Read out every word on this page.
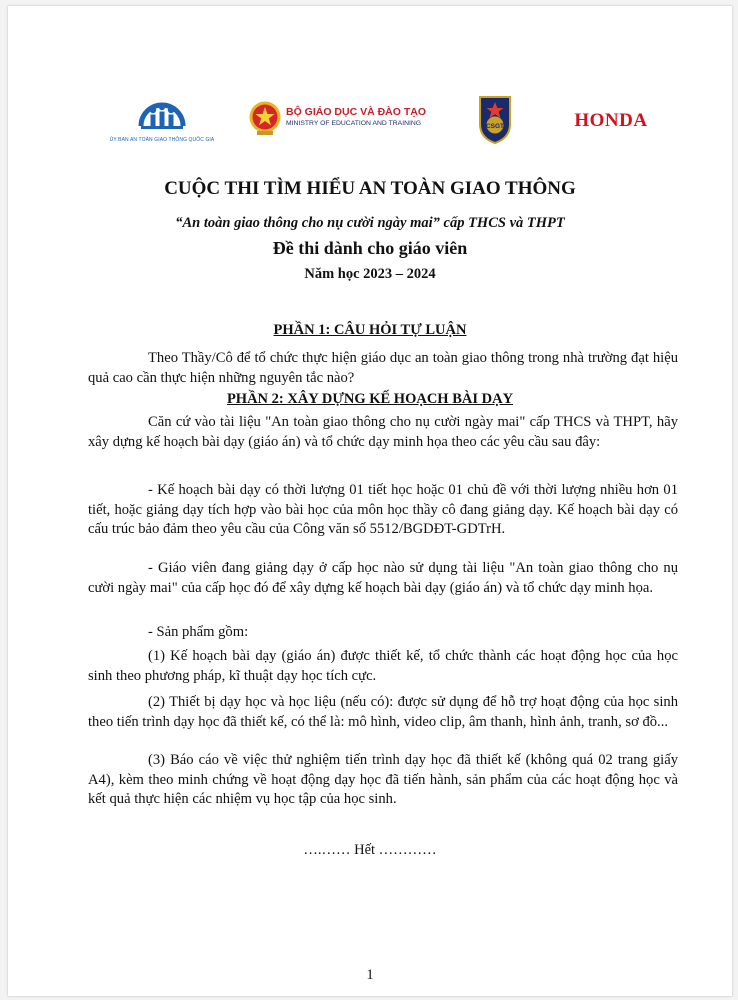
ỦY BAN AN TOÀN GIAO THÔNG QUỐC GIA
BỘ GIÁO DỤC VÀ ĐÀO TẠO
MINISTRY OF EDUCATION AND TRAINING	CSGT	HONDA
CUỘC THI TÌM HIỂU AN TOÀN GIAO THÔNG
“An toàn giao thông cho nụ cười ngày mai” cấp THCS và THPT
Đề thi dành cho giáo viên
Năm học 2023 – 2024
PHẦN 1: CÂU HỎI TỰ LUẬN

Theo Thầy/Cô để tổ chức thực hiện giáo dục an toàn giao thông trong nhà trường đạt hiệu quả cao cần thực hiện những nguyên tắc nào?

PHẦN 2: XÂY DỰNG KẾ HOẠCH BÀI DẠY

Căn cứ vào tài liệu "An toàn giao thông cho nụ cười ngày mai" cấp THCS và THPT, hãy xây dựng kế hoạch bài dạy (giáo án) và tổ chức dạy minh họa theo các yêu cầu sau đây:

- Kế hoạch bài dạy có thời lượng 01 tiết học hoặc 01 chủ đề với thời lượng nhiều hơn 01 tiết, hoặc giảng dạy tích hợp vào bài học của môn học thầy cô đang giảng dạy. Kế hoạch bài dạy có cấu trúc bảo đảm theo yêu cầu của Công văn số 5512/BGDĐT-GDTrH.

- Giáo viên đang giảng dạy ở cấp học nào sử dụng tài liệu "An toàn giao thông cho nụ cười ngày mai" của cấp học đó để xây dựng kế hoạch bài dạy (giáo án) và tổ chức dạy minh họa.

- Sản phẩm gồm:

(1) Kế hoạch bài dạy (giáo án) được thiết kế, tổ chức thành các hoạt động học của học sinh theo phương pháp, kĩ thuật dạy học tích cực.

(2) Thiết bị dạy học và học liệu (nếu có): được sử dụng để hỗ trợ hoạt động của học sinh theo tiến trình dạy học đã thiết kế, có thể là: mô hình, video clip, âm thanh, hình ảnh, tranh, sơ đồ...

(3) Báo cáo về việc thử nghiệm tiến trình dạy học đã thiết kế (không quá 02 trang giấy A4), kèm theo minh chứng về hoạt động dạy học đã tiến hành, sản phẩm của các hoạt động học và kết quả thực hiện các nhiệm vụ học tập của học sinh.

….…… Hết …………
1
